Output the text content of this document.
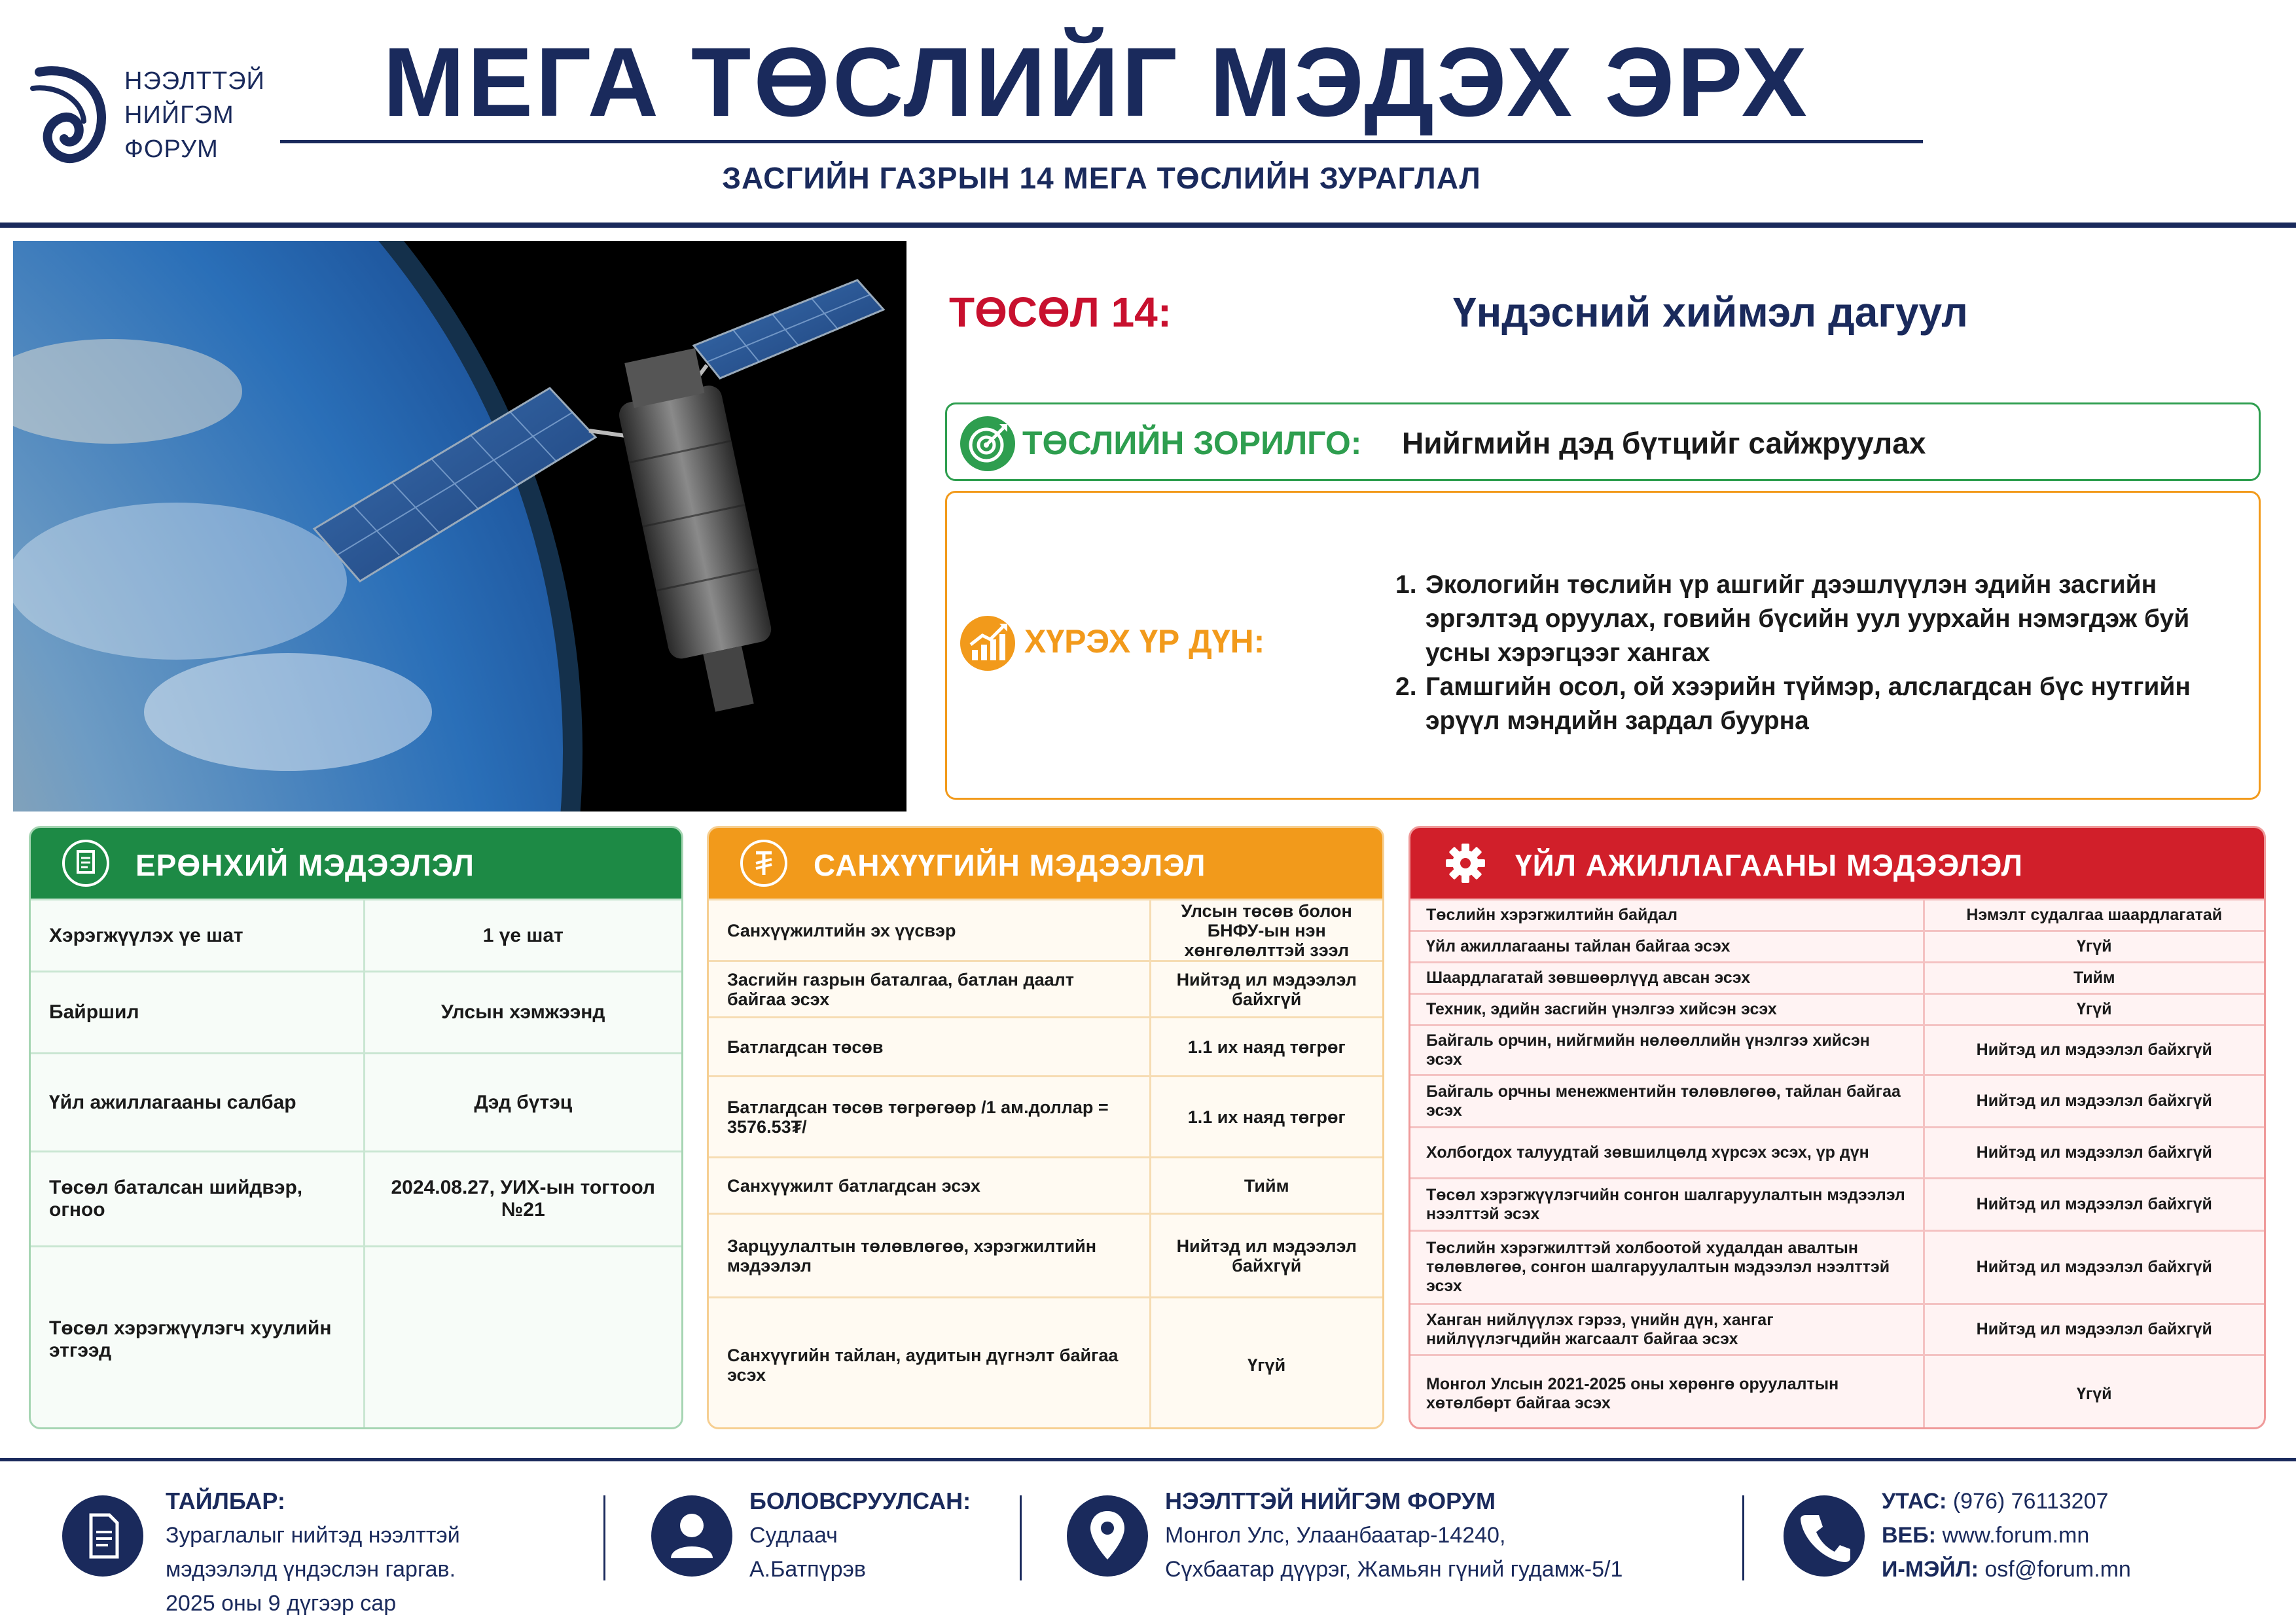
НЭЭЛТТЭЙ
НИЙГЭМ
ФОРУМ
МЕГА ТӨСЛИЙГ МЭДЭХ ЭРХ
ЗАСГИЙН ГАЗРЫН 14 МЕГА ТӨСЛИЙН ЗУРАГЛАЛ
ТӨСӨЛ 14:	Үндэсний хиймэл дагуул
ТӨСЛИЙН ЗОРИЛГО: Нийгмийн дэд бүтцийг сайжруулах
ХҮРЭХ ҮР ДҮН:
1. Экологийн төслийн үр ашгийг дээшлүүлэн эдийн засгийн эргэлтэд оруулах, говийн бүсийн уул уурхайн нэмэгдэж буй усны хэрэгцээг хангах
2. Гамшгийн осол, ой хээрийн түймэр, алслагдсан бүс нутгийн эрүүл мэндийн зардал буурна
ЕРӨНХИЙ МЭДЭЭЛЭЛ
Хэрэгжүүлэх үе шат	1 үе шат
Байршил	Улсын хэмжээнд
Үйл ажиллагааны салбар	Дэд бүтэц
Төсөл баталсан шийдвэр, огноо	2024.08.27, УИХ-ын тогтоол №21
Төсөл хэрэгжүүлэгч хуулийн этгээд	
САНХҮҮГИЙН МЭДЭЭЛЭЛ
Санхүүжилтийн эх үүсвэр	Улсын төсөв болон БНФУ-ын нэн хөнгөлөлттэй зээл
Засгийн газрын баталгаа, батлан даалт байгаа эсэх	Нийтэд ил мэдээлэл байхгүй
Батлагдсан төсөв	1.1 их наяд төгрөг
Батлагдсан төсөв төгрөгөөр /1 ам.доллар = 3576.53₮/	1.1 их наяд төгрөг
Санхүүжилт батлагдсан эсэх	Тийм
Зарцуулалтын төлөвлөгөө, хэрэгжилтийн мэдээлэл	Нийтэд ил мэдээлэл байхгүй
Санхүүгийн тайлан, аудитын дүгнэлт байгаа эсэх	Үгүй
ҮЙЛ АЖИЛЛАГААНЫ МЭДЭЭЛЭЛ
Төслийн хэрэгжилтийн байдал	Нэмэлт судалгаа шаардлагатай
Үйл ажиллагааны тайлан байгаа эсэх	Үгүй
Шаардлагатай зөвшөөрлүүд авсан эсэх	Тийм
Техник, эдийн засгийн үнэлгээ хийсэн эсэх	Үгүй
Байгаль орчин, нийгмийн нөлөөллийн үнэлгээ хийсэн эсэх	Нийтэд ил мэдээлэл байхгүй
Байгаль орчны менежментийн төлөвлөгөө, тайлан байгаа эсэх	Нийтэд ил мэдээлэл байхгүй
Холбогдох талуудтай зөвшилцөлд хүрсэх эсэх, үр дүн	Нийтэд ил мэдээлэл байхгүй
Төсөл хэрэгжүүлэгчийн сонгон шалгаруулалтын мэдээлэл нээлттэй эсэх	Нийтэд ил мэдээлэл байхгүй
Төслийн хэрэгжилттэй холбоотой худалдан авалтын төлөвлөгөө, сонгон шалгаруулалтын мэдээлэл нээлттэй эсэх	Нийтэд ил мэдээлэл байхгүй
Ханган нийлүүлэх гэрээ, үнийн дүн, хангаг нийлүүлэгчдийн жагсаалт байгаа эсэх	Нийтэд ил мэдээлэл байхгүй
Монгол Улсын 2021-2025 оны хөрөнгө оруулалтын хөтөлбөрт байгаа эсэх	Үгүй
ТАЙЛБАР:
Зураглалыг нийтэд нээлттэй
мэдээлэлд үндэслэн гаргав.
2025 оны 9 дүгээр сар
БОЛОВСРУУЛСАН:
Судлаач
А.Батпүрэв
НЭЭЛТТЭЙ НИЙГЭМ ФОРУМ
Монгол Улс, Улаанбаатар-14240,
Сүхбаатар дүүрэг, Жамьян гүний гудамж-5/1
УТАС: (976) 76113207
ВЕБ: www.forum.mn
И-МЭЙЛ: osf@forum.mn
